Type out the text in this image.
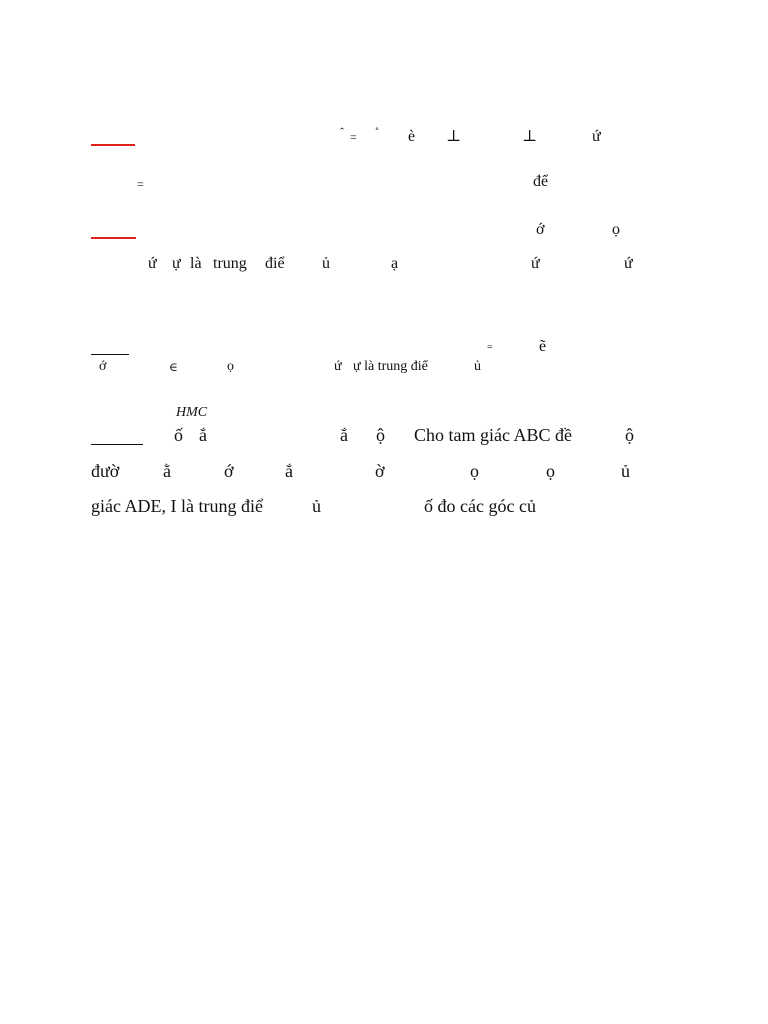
ˆ = ˚ è ⊥	⊥	ứ
=	để
ớ	ọ
ứ ự là trung điể ủ	ạ	ứ	ứ
=	ẽ
ớ	∈	ọ	ứ ự là trung điể	ủ
HMC
ố ắ	ắ ộ Cho tam giác ABC đề	ộ
đườ ằ	ớ	ắ	ờ	ọ	ọ	ủ
giác ADE, I là trung điể	ủ	ố đo các góc củ
